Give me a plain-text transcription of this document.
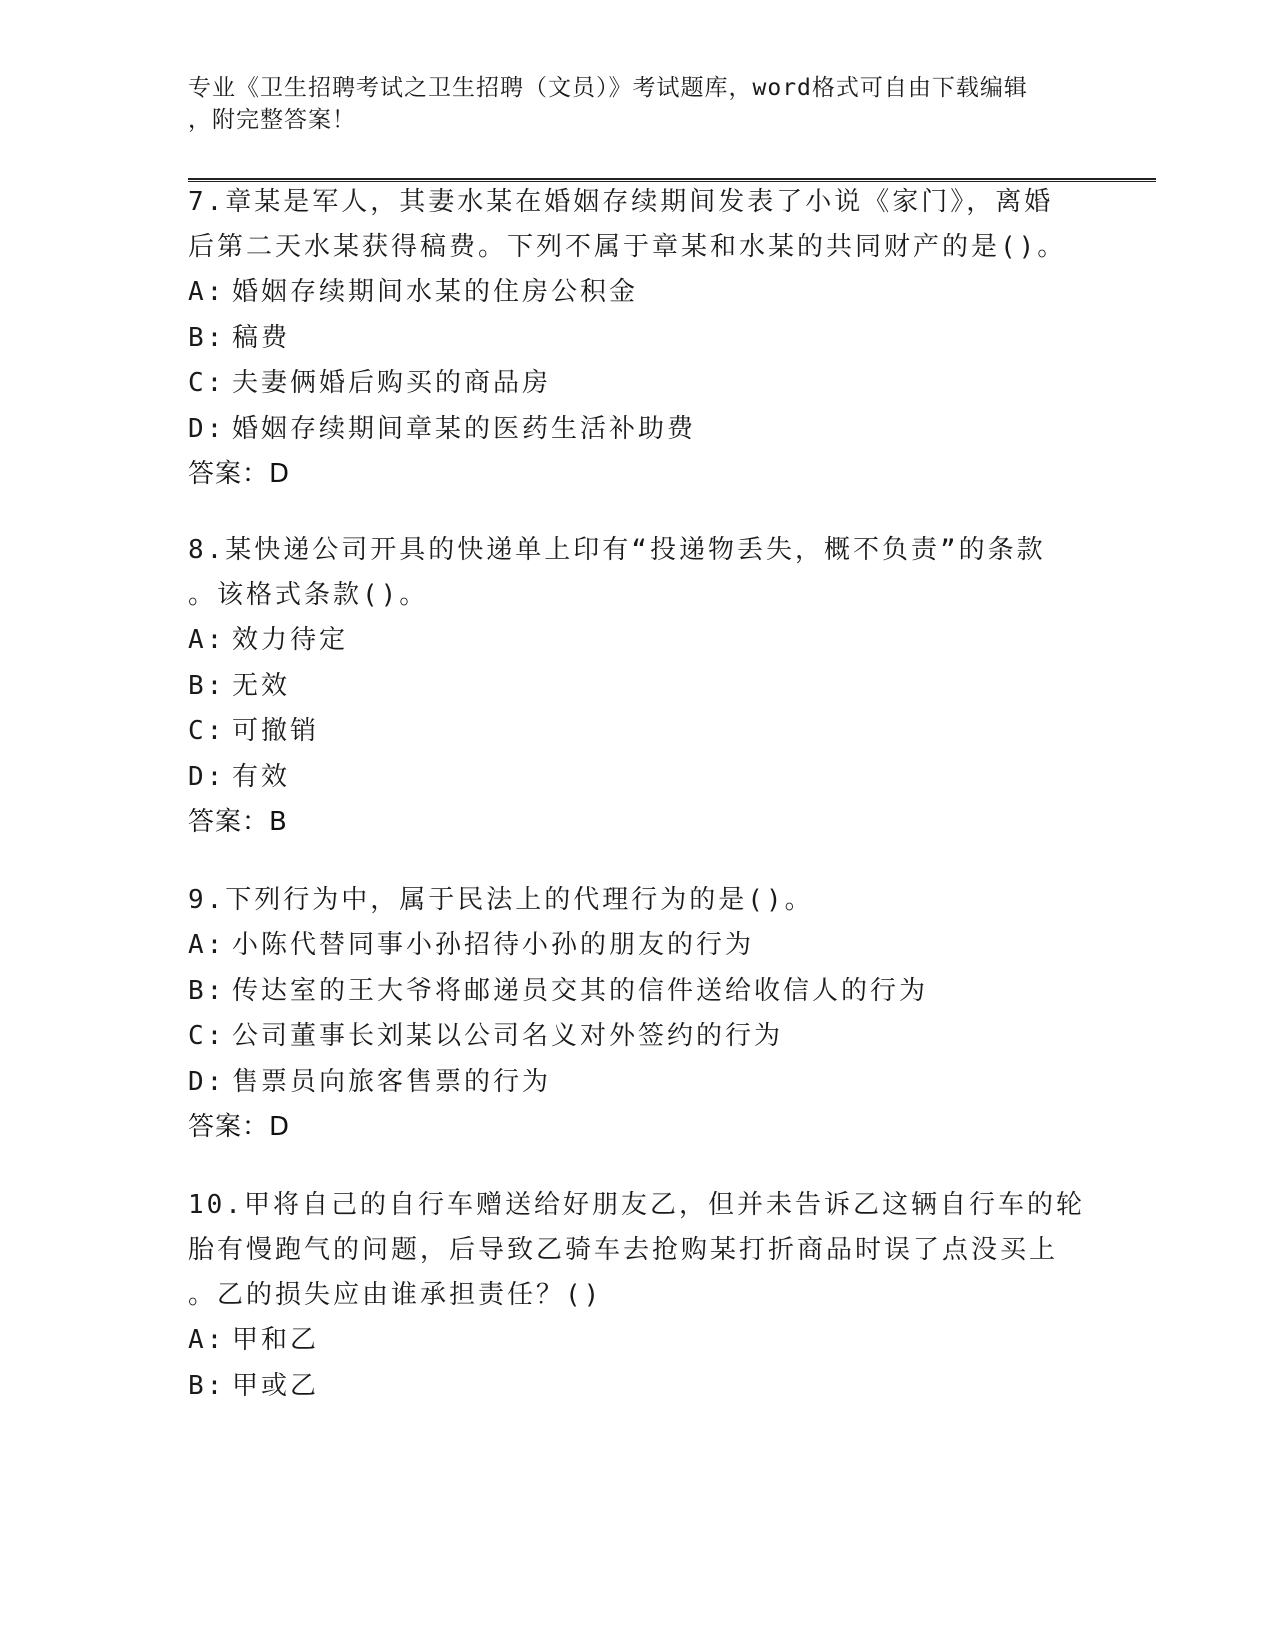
专业《卫生招聘考试之卫生招聘（文员）》考试题库，word格式可自由下载编辑
，附完整答案！
7.章某是军人，其妻水某在婚姻存续期间发表了小说《家门》，离婚
后第二天水某获得稿费。下列不属于章某和水某的共同财产的是()。
A: 婚姻存续期间水某的住房公积金
B: 稿费
C: 夫妻俩婚后购买的商品房
D: 婚姻存续期间章某的医药生活补助费
答案：D
8.某快递公司开具的快递单上印有“投递物丢失，概不负责”的条款
。该格式条款()。
A: 效力待定
B: 无效
C: 可撤销
D: 有效
答案：B
9.下列行为中，属于民法上的代理行为的是()。
A: 小陈代替同事小孙招待小孙的朋友的行为
B: 传达室的王大爷将邮递员交其的信件送给收信人的行为
C: 公司董事长刘某以公司名义对外签约的行为
D: 售票员向旅客售票的行为
答案：D
10.甲将自己的自行车赠送给好朋友乙，但并未告诉乙这辆自行车的轮
胎有慢跑气的问题，后导致乙骑车去抢购某打折商品时误了点没买上
。乙的损失应由谁承担责任？()
A: 甲和乙
B: 甲或乙
